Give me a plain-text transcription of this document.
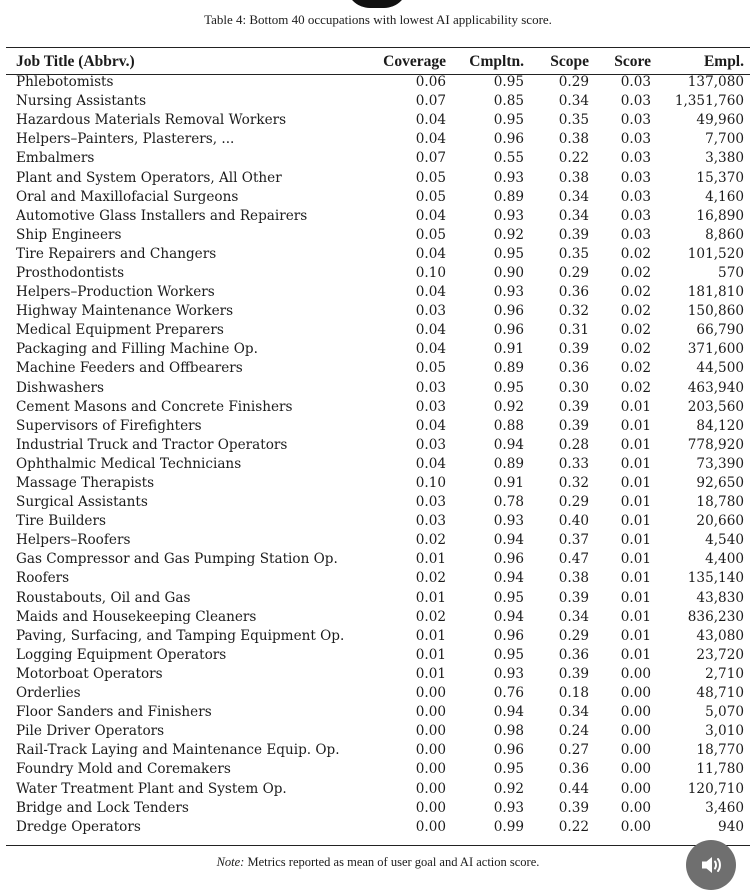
Table 4: Bottom 40 occupations with lowest AI applicability score.
Job Title (Abbrv.)	Coverage	Cmpltn.	Scope	Score	Empl.
Phlebotomists	0.06	0.95	0.29	0.03	137,080
Nursing Assistants	0.07	0.85	0.34	0.03	1,351,760
Hazardous Materials Removal Workers	0.04	0.95	0.35	0.03	49,960
Helpers–Painters, Plasterers, ...	0.04	0.96	0.38	0.03	7,700
Embalmers	0.07	0.55	0.22	0.03	3,380
Plant and System Operators, All Other	0.05	0.93	0.38	0.03	15,370
Oral and Maxillofacial Surgeons	0.05	0.89	0.34	0.03	4,160
Automotive Glass Installers and Repairers	0.04	0.93	0.34	0.03	16,890
Ship Engineers	0.05	0.92	0.39	0.03	8,860
Tire Repairers and Changers	0.04	0.95	0.35	0.02	101,520
Prosthodontists	0.10	0.90	0.29	0.02	570
Helpers–Production Workers	0.04	0.93	0.36	0.02	181,810
Highway Maintenance Workers	0.03	0.96	0.32	0.02	150,860
Medical Equipment Preparers	0.04	0.96	0.31	0.02	66,790
Packaging and Filling Machine Op.	0.04	0.91	0.39	0.02	371,600
Machine Feeders and Offbearers	0.05	0.89	0.36	0.02	44,500
Dishwashers	0.03	0.95	0.30	0.02	463,940
Cement Masons and Concrete Finishers	0.03	0.92	0.39	0.01	203,560
Supervisors of Firefighters	0.04	0.88	0.39	0.01	84,120
Industrial Truck and Tractor Operators	0.03	0.94	0.28	0.01	778,920
Ophthalmic Medical Technicians	0.04	0.89	0.33	0.01	73,390
Massage Therapists	0.10	0.91	0.32	0.01	92,650
Surgical Assistants	0.03	0.78	0.29	0.01	18,780
Tire Builders	0.03	0.93	0.40	0.01	20,660
Helpers–Roofers	0.02	0.94	0.37	0.01	4,540
Gas Compressor and Gas Pumping Station Op.	0.01	0.96	0.47	0.01	4,400
Roofers	0.02	0.94	0.38	0.01	135,140
Roustabouts, Oil and Gas	0.01	0.95	0.39	0.01	43,830
Maids and Housekeeping Cleaners	0.02	0.94	0.34	0.01	836,230
Paving, Surfacing, and Tamping Equipment Op.	0.01	0.96	0.29	0.01	43,080
Logging Equipment Operators	0.01	0.95	0.36	0.01	23,720
Motorboat Operators	0.01	0.93	0.39	0.00	2,710
Orderlies	0.00	0.76	0.18	0.00	48,710
Floor Sanders and Finishers	0.00	0.94	0.34	0.00	5,070
Pile Driver Operators	0.00	0.98	0.24	0.00	3,010
Rail-Track Laying and Maintenance Equip. Op.	0.00	0.96	0.27	0.00	18,770
Foundry Mold and Coremakers	0.00	0.95	0.36	0.00	11,780
Water Treatment Plant and System Op.	0.00	0.92	0.44	0.00	120,710
Bridge and Lock Tenders	0.00	0.93	0.39	0.00	3,460
Dredge Operators	0.00	0.99	0.22	0.00	940
Note: Metrics reported as mean of user goal and AI action score.
